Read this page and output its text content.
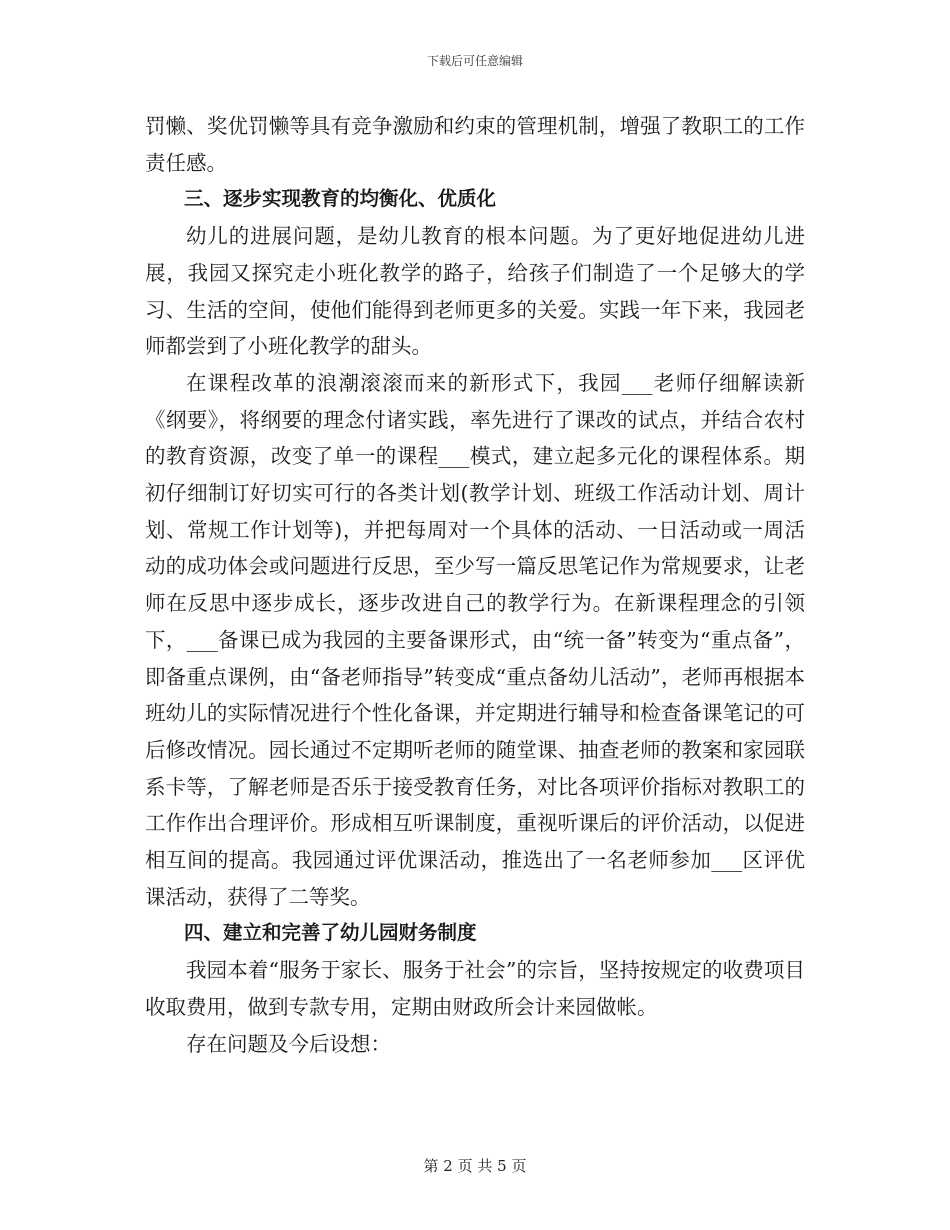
下载后可任意编辑

罚懒、奖优罚懒等具有竞争激励和约束的管理机制，增强了教职工的工作责任感。

三、逐步实现教育的均衡化、优质化

幼儿的进展问题，是幼儿教育的根本问题。为了更好地促进幼儿进展，我园又探究走小班化教学的路子，给孩子们制造了一个足够大的学习、生活的空间，使他们能得到老师更多的关爱。实践一年下来，我园老师都尝到了小班化教学的甜头。

在课程改革的浪潮滚滚而来的新形式下，我园___老师仔细解读新《纲要》，将纲要的理念付诸实践，率先进行了课改的试点，并结合农村的教育资源，改变了单一的课程___模式，建立起多元化的课程体系。期初仔细制订好切实可行的各类计划(教学计划、班级工作活动计划、周计划、常规工作计划等)，并把每周对一个具体的活动、一日活动或一周活动的成功体会或问题进行反思，至少写一篇反思笔记作为常规要求，让老师在反思中逐步成长，逐步改进自己的教学行为。在新课程理念的引领下，___备课已成为我园的主要备课形式，由“统一备”转变为“重点备”，即备重点课例，由“备老师指导”转变成“重点备幼儿活动”，老师再根据本班幼儿的实际情况进行个性化备课，并定期进行辅导和检查备课笔记的可后修改情况。园长通过不定期听老师的随堂课、抽查老师的教案和家园联系卡等，了解老师是否乐于接受教育任务，对比各项评价指标对教职工的工作作出合理评价。形成相互听课制度，重视听课后的评价活动，以促进相互间的提高。我园通过评优课活动，推选出了一名老师参加___区评优课活动，获得了二等奖。

四、建立和完善了幼儿园财务制度

我园本着“服务于家长、服务于社会”的宗旨，坚持按规定的收费项目收取费用，做到专款专用，定期由财政所会计来园做帐。

存在问题及今后设想：

第 2 页 共 5 页
